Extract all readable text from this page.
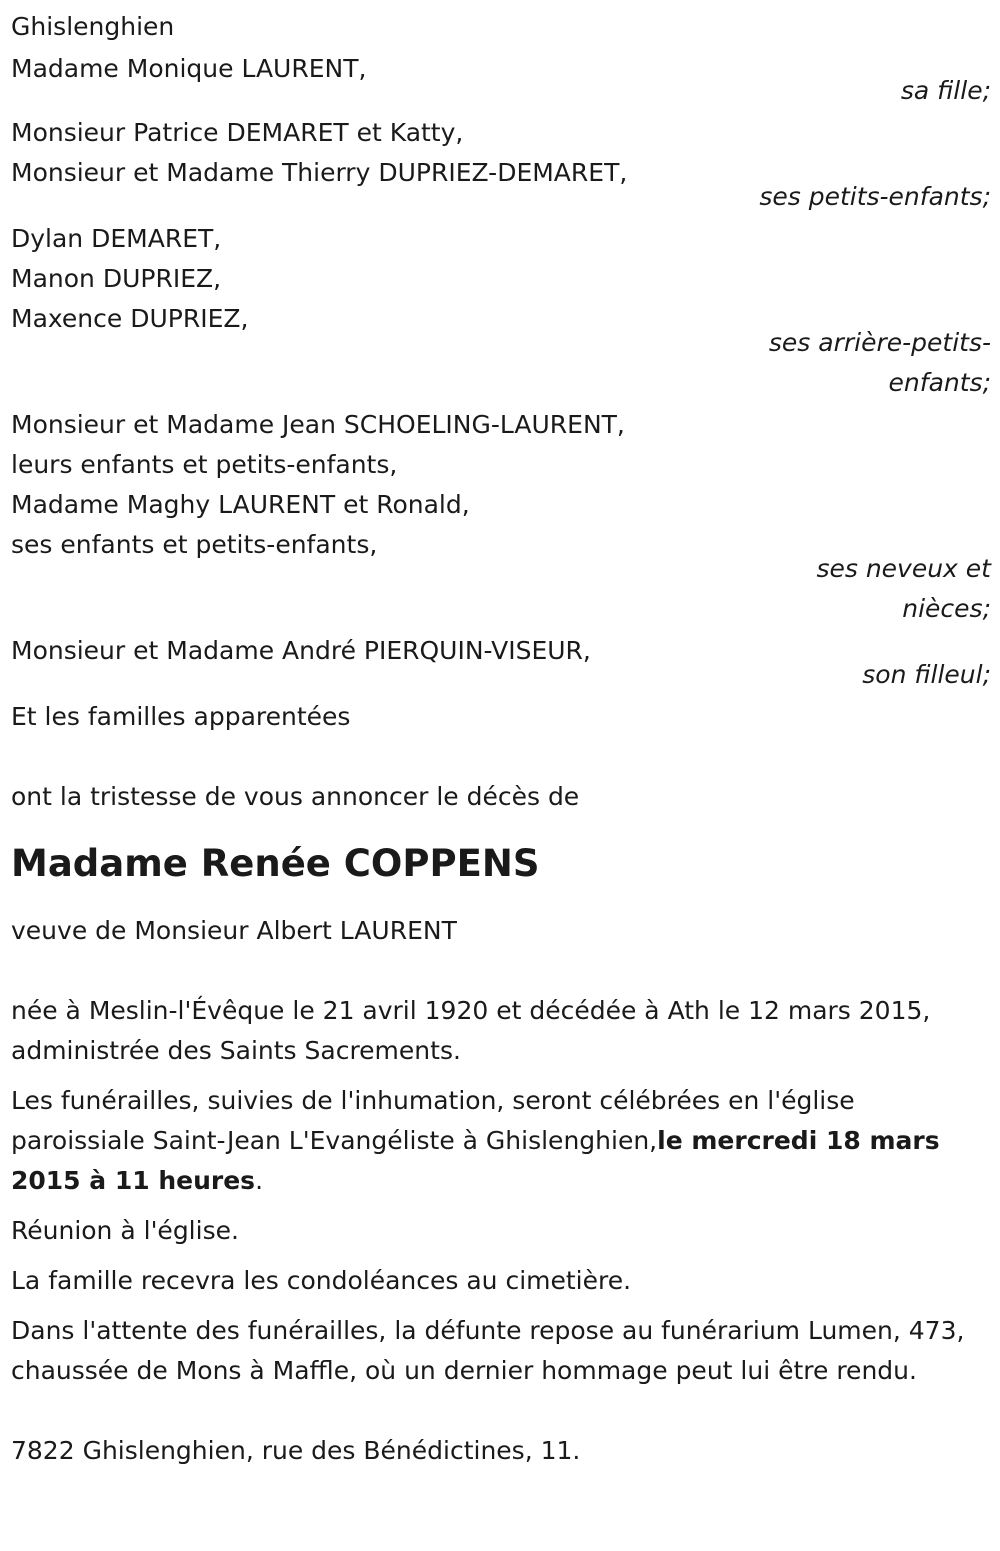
Ghislenghien
Madame Monique LAURENT,
sa fille;
Monsieur Patrice DEMARET et Katty,
Monsieur et Madame Thierry DUPRIEZ-DEMARET,
ses petits-enfants;
Dylan DEMARET,
Manon DUPRIEZ,
Maxence DUPRIEZ,
ses arrière-petits-
enfants;
Monsieur et Madame Jean SCHOELING-LAURENT,
leurs enfants et petits-enfants,
Madame Maghy LAURENT et Ronald,
ses enfants et petits-enfants,
ses neveux et
nièces;
Monsieur et Madame André PIERQUIN-VISEUR,
son filleul;
Et les familles apparentées
ont la tristesse de vous annoncer le décès de
Madame Renée COPPENS
veuve de Monsieur Albert LAURENT
née à Meslin-l'Évêque le 21 avril 1920 et décédée à Ath le 12 mars 2015,
administrée des Saints Sacrements.
Les funérailles, suivies de l'inhumation, seront célébrées en l'église paroissiale Saint-Jean L'Evangéliste à Ghislenghien,le mercredi 18 mars 2015 à 11 heures.
Réunion à l'église.
La famille recevra les condoléances au cimetière.
Dans l'attente des funérailles, la défunte repose au funérarium Lumen, 473, chaussée de Mons à Maffle, où un dernier hommage peut lui être rendu.
7822 Ghislenghien, rue des Bénédictines, 11.
